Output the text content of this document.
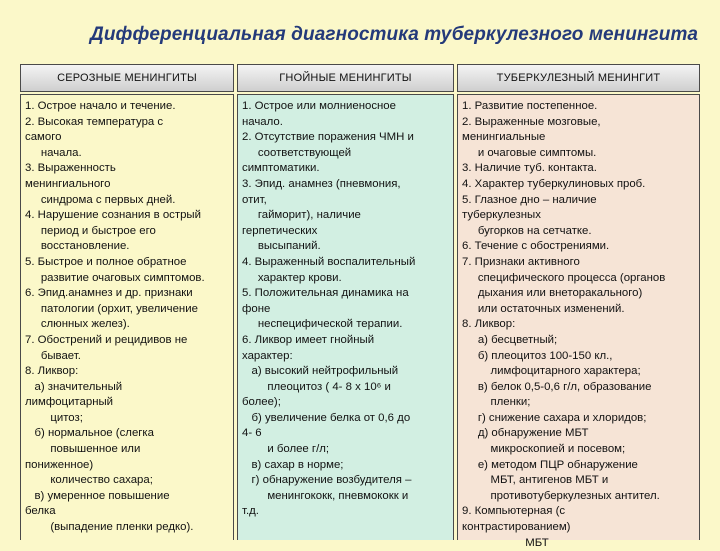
Дифференциальная диагностика туберкулезного менингита
СЕРОЗНЫЕ МЕНИНГИТЫ	ГНОЙНЫЕ МЕНИНГИТЫ	ТУБЕРКУЛЕЗНЫЙ МЕНИНГИТ
1. Острое начало и течение.
2. Высокая температура с
самого
начала.
3. Выраженность
менингиального
синдрома с первых дней.
4. Нарушение сознания в острый
период и быстрое его
восстановление.
5. Быстрое и полное обратное
развитие очаговых симптомов.
6. Эпид.анамнез и др. признаки
патологии (орхит, увеличение
слюнных желез).
7. Обострений и рецидивов не
бывает.
8. Ликвор:
а) значительный
лимфоцитарный
цитоз;
б) нормальное (слегка
повышенное или
пониженное)
количество сахара;
в) умеренное повышение
белка
(выпадение пленки редко).
1. Острое или молниеносное
начало.
2. Отсутствие поражения ЧМН и
соответствующей
симптоматики.
3. Эпид. анамнез (пневмония,
отит,
гайморит), наличие
герпетических
высыпаний.
4. Выраженный воспалительный
характер крови.
5. Положительная динамика на
фоне
неспецифической терапии.
6. Ликвор имеет гнойный
характер:
а) высокий нейтрофильный
плеоцитоз ( 4- 8 х 10⁶ и
более);
б) увеличение белка от 0,6 до
4- 6
и более г/л;
в) сахар в норме;
г) обнаружение возбудителя –
менингококк, пневмококк и
т.д.
1. Развитие постепенное.
2. Выраженные мозговые,
менингиальные
и очаговые симптомы.
3. Наличие туб. контакта.
4. Характер туберкулиновых проб.
5. Глазное дно – наличие
туберкулезных
бугорков на сетчатке.
6. Течение с обострениями.
7. Признаки активного
специфического процесса (органов
дыхания или внеторакального)
или остаточных изменений.
8. Ликвор:
а) бесцветный;
б) плеоцитоз 100-150 кл.,
лимфоцитарного характера;
в) белок 0,5-0,6 г/л, образование
пленки;
г) снижение сахара и хлоридов;
д) обнаружение МБТ
микроскопией и посевом;
е) методом ПЦР обнаружение
МБТ, антигенов МБТ и
противотуберкулезных антител.
9. Компьютерная (с
контрастированием)
МБТ
